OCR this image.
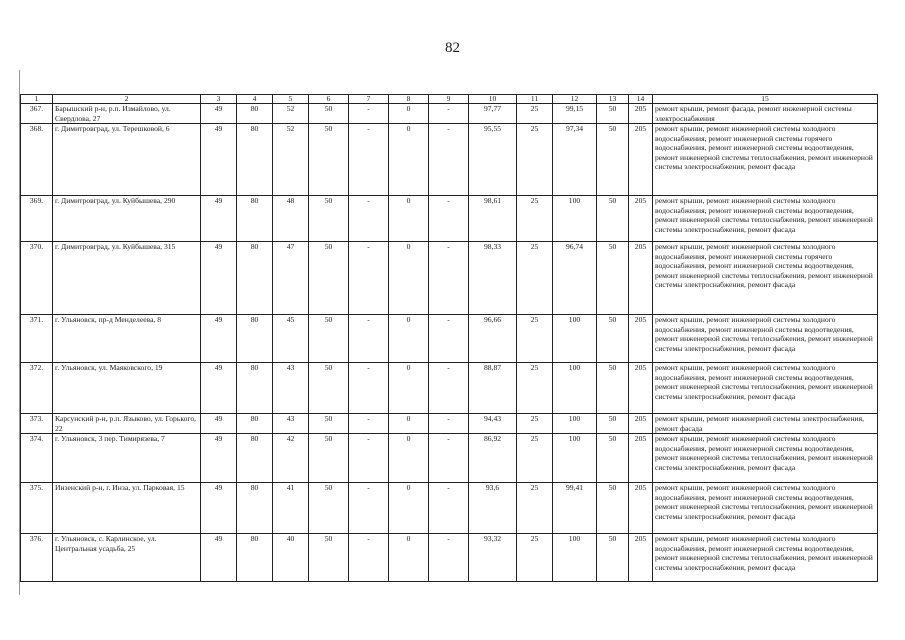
82
1	2	3	4	5	6	7	8	9	10	11	12	13	14	15
367.	Барышский р-н, р.п. Измайлово, ул. Свердлова, 27	49	80	52	50	-	0	-	97,77	25	99,15	50	205	ремонт крыши, ремонт фасада, ремонт инженерной системы электроснабжения
368.	г. Димитровград, ул. Терешковой, 6	49	80	52	50	-	0	-	95,55	25	97,34	50	205	ремонт крыши, ремонт инженерной системы холодного водоснабжения, ремонт инженерной системы горячего водоснабжения, ремонт инженерной системы водоотведения, ремонт инженерной системы теплоснабжения, ремонт инженерной системы электроснабжения, ремонт фасада
369.	г. Димитровград, ул. Куйбышева, 290	49	80	48	50	-	0	-	98,61	25	100	50	205	ремонт крыши, ремонт инженерной системы холодного водоснабжения, ремонт инженерной системы водоотведения, ремонт инженерной системы теплоснабжения, ремонт инженерной системы электроснабжения, ремонт фасада
370.	г. Димитровград, ул. Куйбышева, 315	49	80	47	50	-	0	-	98,33	25	96,74	50	205	ремонт крыши, ремонт инженерной системы холодного водоснабжения, ремонт инженерной системы горячего водоснабжения, ремонт инженерной системы водоотведения, ремонт инженерной системы теплоснабжения, ремонт инженерной системы электроснабжения, ремонт фасада
371.	г. Ульяновск, пр-д Менделеева, 8	49	80	45	50	-	0	-	96,66	25	100	50	205	ремонт крыши, ремонт инженерной системы холодного водоснабжения, ремонт инженерной системы водоотведения, ремонт инженерной системы теплоснабжения, ремонт инженерной системы электроснабжения, ремонт фасада
372.	г. Ульяновск, ул. Маяковского, 19	49	80	43	50	-	0	-	88,87	25	100	50	205	ремонт крыши, ремонт инженерной системы холодного водоснабжения, ремонт инженерной системы водоотведения, ремонт инженерной системы теплоснабжения, ремонт инженерной системы электроснабжения, ремонт фасада
373.	Карсунский р-н, р.п. Языково, ул. Горького, 22	49	80	43	50	-	0	-	94,43	25	100	50	205	ремонт крыши, ремонт инженерной системы электроснабжения, ремонт фасада
374.	г. Ульяновск, 3 пер. Тимирязева, 7	49	80	42	50	-	0	-	86,92	25	100	50	205	ремонт крыши, ремонт инженерной системы холодного водоснабжения, ремонт инженерной системы водоотведения, ремонт инженерной системы теплоснабжения, ремонт инженерной системы электроснабжения, ремонт фасада
375.	Инзенский р-н, г. Инза, ул. Парковая, 15	49	80	41	50	-	0	-	93,6	25	99,41	50	205	ремонт крыши, ремонт инженерной системы холодного водоснабжения, ремонт инженерной системы водоотведения, ремонт инженерной системы теплоснабжения, ремонт инженерной системы электроснабжения, ремонт фасада
376.	г. Ульяновск, с. Карлинское, ул. Центральная усадьба, 25	49	80	40	50	-	0	-	93,32	25	100	50	205	ремонт крыши, ремонт инженерной системы холодного водоснабжения, ремонт инженерной системы водоотведения, ремонт инженерной системы теплоснабжения, ремонт инженерной системы электроснабжения, ремонт фасада
